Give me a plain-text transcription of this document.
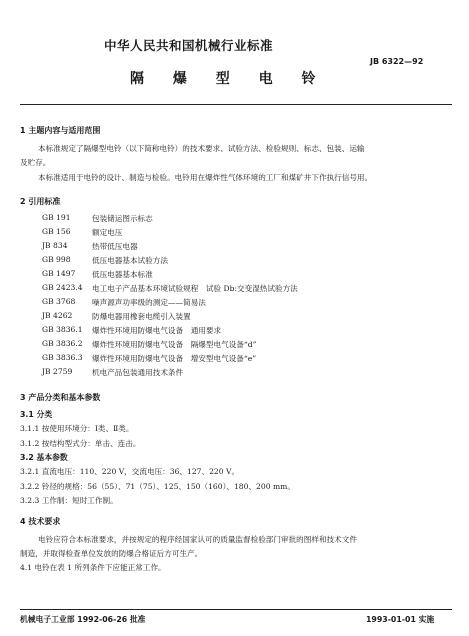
中华人民共和国机械行业标准
JB 6322—92
隔 爆 型 电 铃
1 主题内容与适用范围
本标准规定了隔爆型电铃（以下简称电铃）的技术要求、试验方法、检验规则、标志、包装、运输
及贮存。
本标准适用于电铃的设计、制造与检验。电铃用在爆炸性气体环境的工厂和煤矿井下作执行信号用。
2 引用标准
GB 191	包装储运图示标志
GB 156	额定电压
JB 834	热带低压电器
GB 998	低压电器基本试验方法
GB 1497 低压电器基本标准
GB 2423.4 电工电子产品基本环境试验规程　试验 Db:交变湿热试验方法
GB 3768 噪声源声功率级的测定——简易法
JB 4262	防爆电器用橡套电缆引入装置
GB 3836.1 爆炸性环境用防爆电气设备　通用要求
GB 3836.2 爆炸性环境用防爆电气设备　隔爆型电气设备“d”
GB 3836.3 爆炸性环境用防爆电气设备　增安型电气设备“e”
JB 2759	机电产品包装通用技术条件
3 产品分类和基本参数
3.1 分类
3.1.1 按使用环境分：Ⅰ类、Ⅱ类。
3.1.2 按结构型式分：单击、连击。
3.2 基本参数
3.2.1 直流电压：110、220 V，交流电压：36、127、220 V。
3.2.2 铃径的规格：56（55）、71（75）、125、150（160）、180、200 mm。
3.2.3 工作制：短时工作制。
4 技术要求
电铃应符合本标准要求，并按规定的程序经国家认可的质量监督检验部门审批的图样和技术文件
制造，并取得检查单位发放的防爆合格证后方可生产。
4.1 电铃在表 1 所列条件下应能正常工作。
机械电子工业部 1992-06-26 批准	1993-01-01 实施
